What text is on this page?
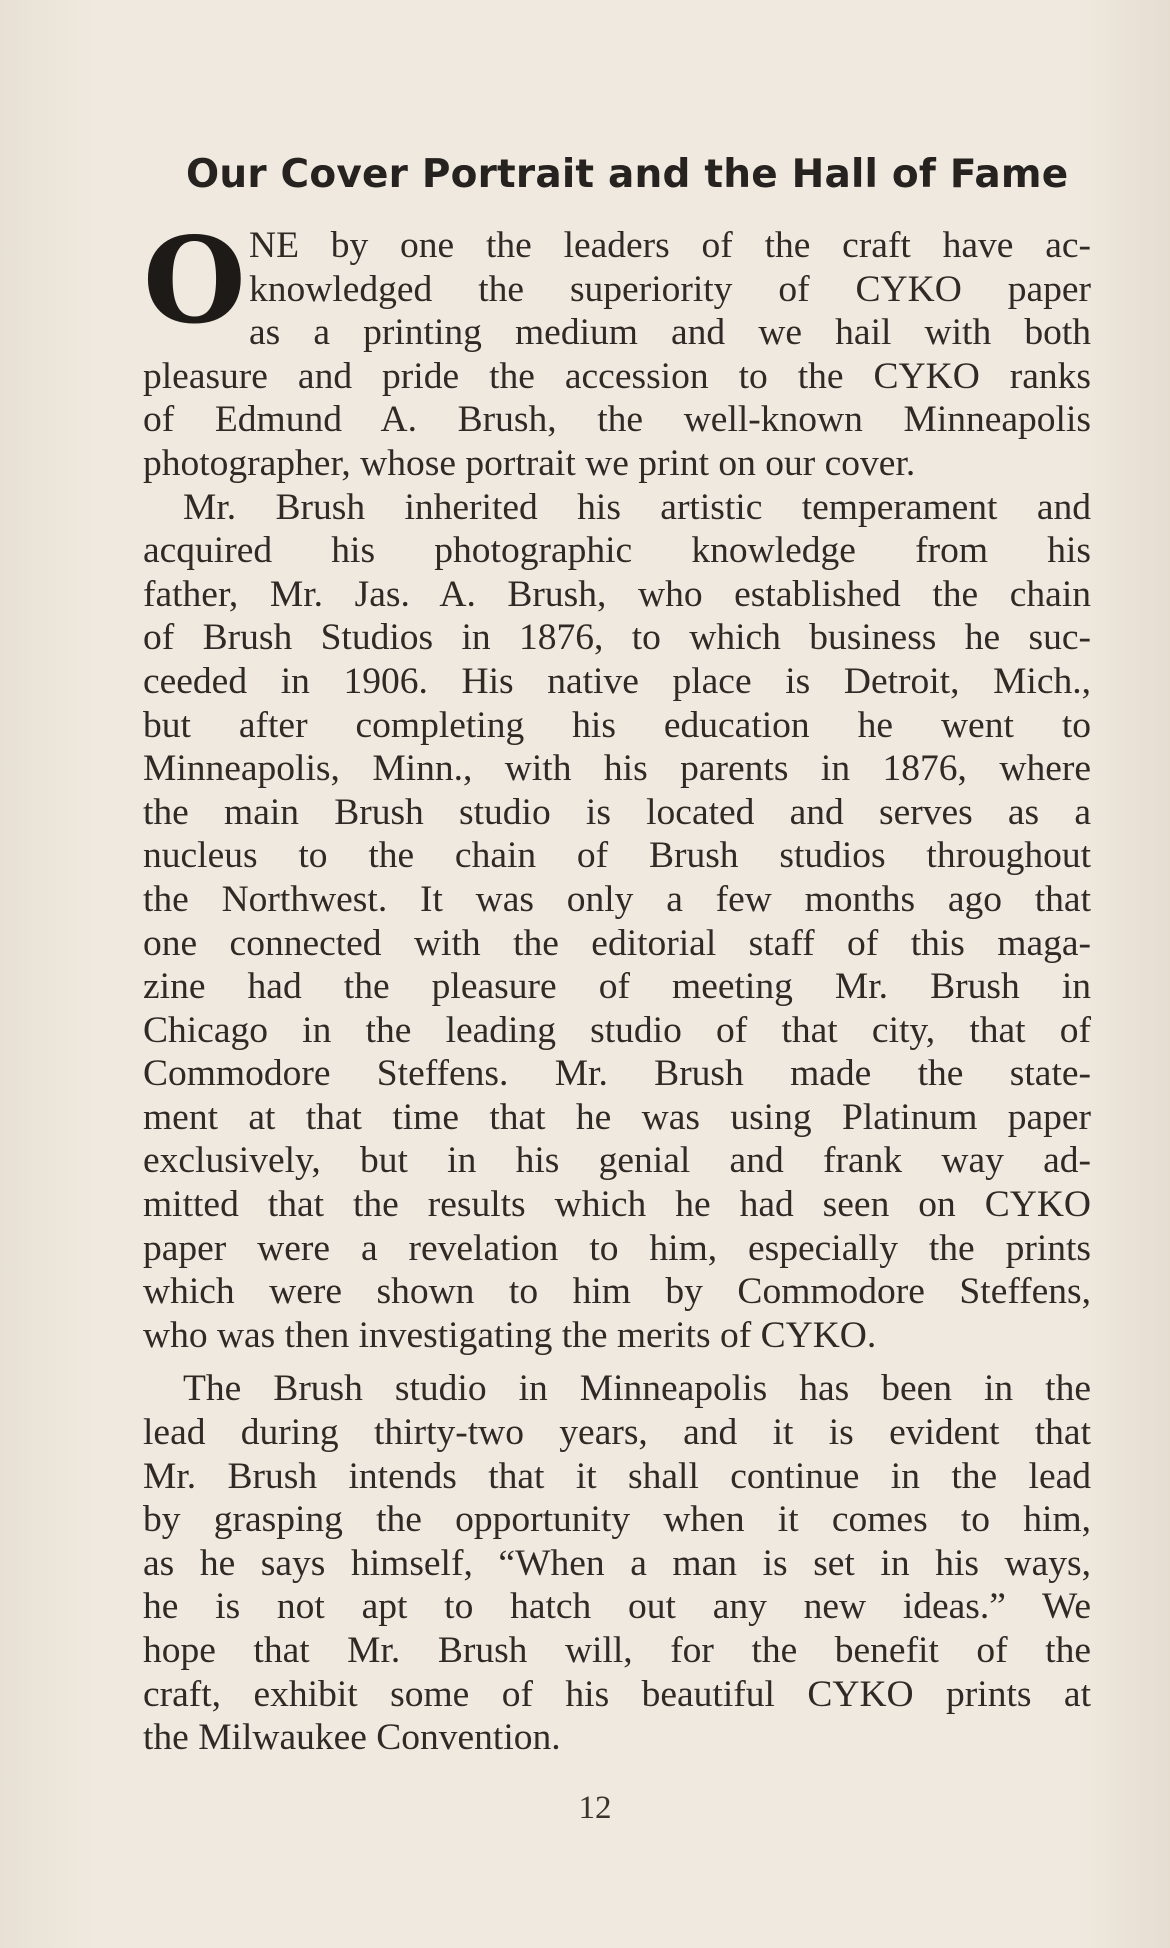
Our Cover Portrait and the Hall of Fame
O NE by one the leaders of the craft have ac-
knowledged the superiority of CYKO paper
as a printing medium and we hail with both
pleasure and pride the accession to the CYKO ranks
of Edmund A. Brush, the well-known Minneapolis
photographer, whose portrait we print on our cover.
Mr. Brush inherited his artistic temperament and
acquired his photographic knowledge from his
father, Mr. Jas. A. Brush, who established the chain
of Brush Studios in 1876, to which business he suc-
ceeded in 1906. His native place is Detroit, Mich.,
but after completing his education he went to
Minneapolis, Minn., with his parents in 1876, where
the main Brush studio is located and serves as a
nucleus to the chain of Brush studios throughout
the Northwest. It was only a few months ago that
one connected with the editorial staff of this maga-
zine had the pleasure of meeting Mr. Brush in
Chicago in the leading studio of that city, that of
Commodore Steffens. Mr. Brush made the state-
ment at that time that he was using Platinum paper
exclusively, but in his genial and frank way ad-
mitted that the results which he had seen on CYKO
paper were a revelation to him, especially the prints
which were shown to him by Commodore Steffens,
who was then investigating the merits of CYKO.
The Brush studio in Minneapolis has been in the
lead during thirty-two years, and it is evident that
Mr. Brush intends that it shall continue in the lead
by grasping the opportunity when it comes to him,
as he says himself, “When a man is set in his ways,
he is not apt to hatch out any new ideas.” We
hope that Mr. Brush will, for the benefit of the
craft, exhibit some of his beautiful CYKO prints at
the Milwaukee Convention.
12
